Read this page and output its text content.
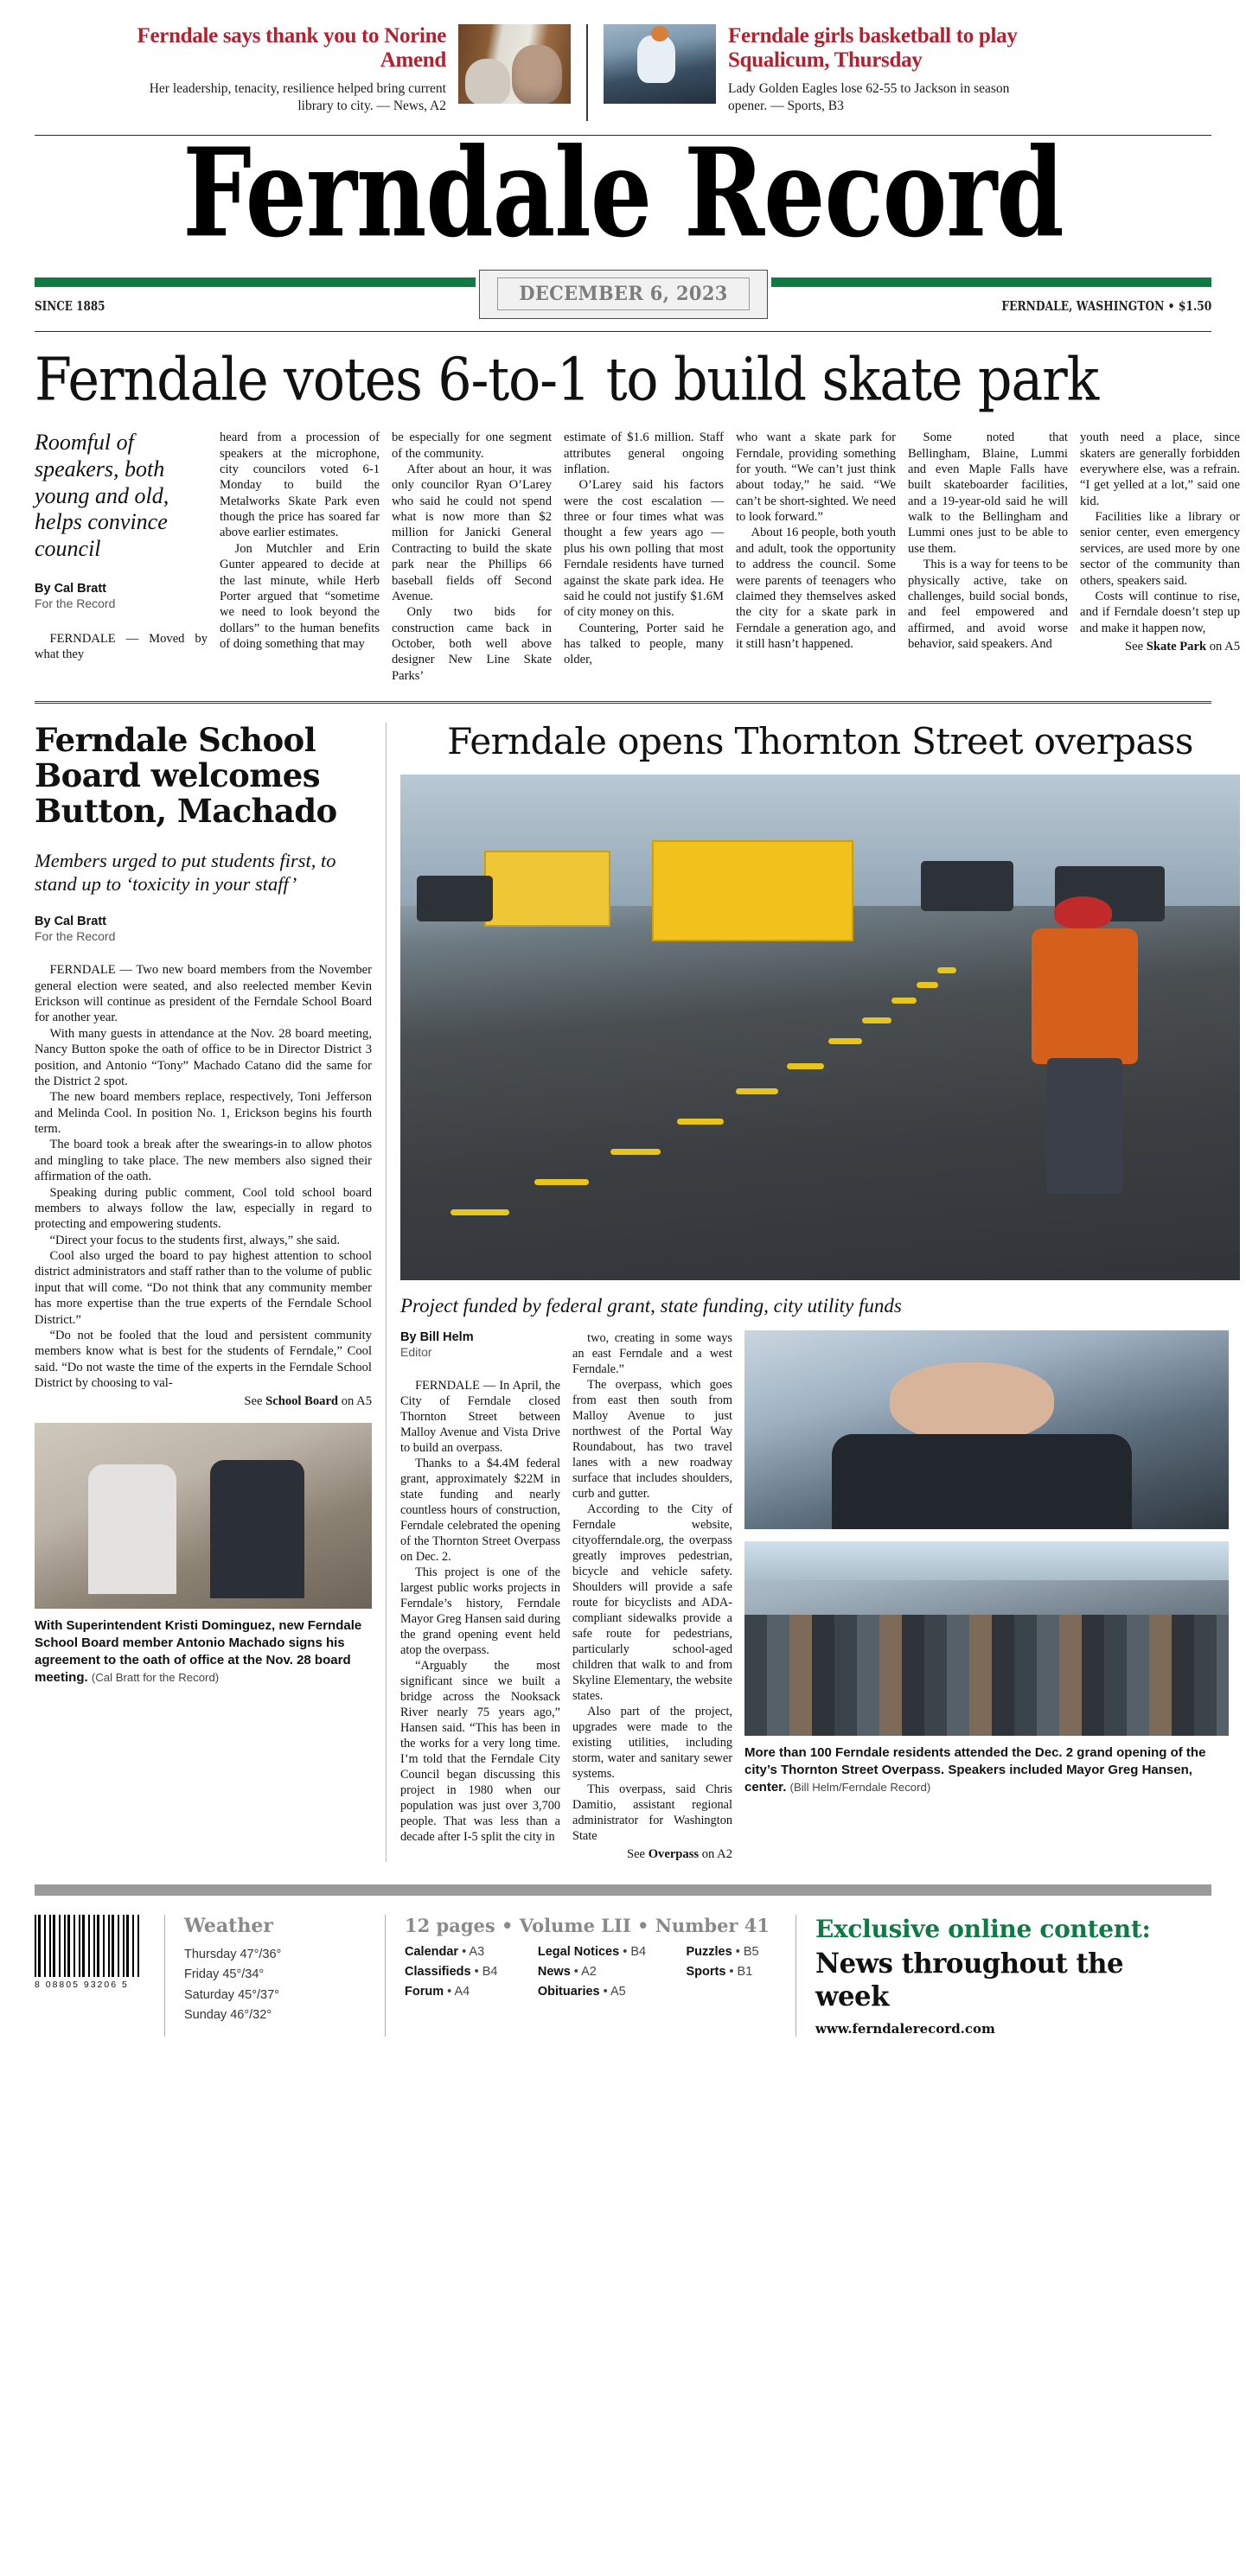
Ferndale says thank you to Norine Amend
Her leadership, tenacity, resilience helped bring current library to city. — News, A2
Ferndale girls basketball to play Squalicum, Thursday
Lady Golden Eagles lose 62-55 to Jackson in season opener. — Sports, B3
Ferndale Record
SINCE 1885
DECEMBER 6, 2023
FERNDALE, WASHINGTON • $1.50
Ferndale votes 6-to-1 to build skate park
Roomful of speakers, both young and old, helps convince council
By Cal Bratt
For the Record

FERNDALE — Moved by what they

heard from a procession of speakers at the microphone, city councilors voted 6-1 Monday to build the Metalworks Skate Park even though the price has soared far above earlier estimates.

Jon Mutchler and Erin Gunter appeared to decide at the last minute, while Herb Porter argued that “sometime we need to look beyond the dollars” to the human benefits of doing something that may

be especially for one segment of the community.

After about an hour, it was only councilor Ryan O’Larey who said he could not spend what is now more than $2 million for Janicki General Contracting to build the skate park near the Phillips 66 baseball fields off Second Avenue.

Only two bids for construction came back in October, both well above designer New Line Skate Parks’

estimate of $1.6 million. Staff attributes general ongoing inflation.

O’Larey said his factors were the cost escalation — three or four times what was thought a few years ago — plus his own polling that most Ferndale residents have turned against the skate park idea. He said he could not justify $1.6M of city money on this.

Countering, Porter said he has talked to people, many older,

who want a skate park for Ferndale, providing something for youth. “We can’t just think about today,” he said. “We can’t be short-sighted. We need to look forward.”

About 16 people, both youth and adult, took the opportunity to address the council. Some were parents of teenagers who claimed they themselves asked the city for a skate park in Ferndale a generation ago, and it still hasn’t happened.

Some noted that Bellingham, Blaine, Lummi and even Maple Falls have built skateboarder facilities, and a 19-year-old said he will walk to the Bellingham and Lummi ones just to be able to use them.

This is a way for teens to be physically active, take on challenges, build social bonds, and feel empowered and affirmed, and avoid worse behavior, said speakers. And

youth need a place, since skaters are generally forbidden everywhere else, was a refrain. “I get yelled at a lot,” said one kid.

Facilities like a library or senior center, even emergency services, are used more by one sector of the community than others, speakers said.

Costs will continue to rise, and if Ferndale doesn’t step up and make it happen now,

See Skate Park on A5
Ferndale School Board welcomes Button, Machado
Members urged to put students first, to stand up to ‘toxicity in your staff’
By Cal Bratt
For the Record

FERNDALE — Two new board members from the November general election were seated, and also reelected member Kevin Erickson will continue as president of the Ferndale School Board for another year.

With many guests in attendance at the Nov. 28 board meeting, Nancy Button spoke the oath of office to be in Director District 3 position, and Antonio “Tony” Machado Catano did the same for the District 2 spot.

The new board members replace, respectively, Toni Jefferson and Melinda Cool. In position No. 1, Erickson begins his fourth term.

The board took a break after the swearings-in to allow photos and mingling to take place. The new members also signed their affirmation of the oath.

Speaking during public comment, Cool told school board members to always follow the law, especially in regard to protecting and empowering students.

“Direct your focus to the students first, always,” she said.

Cool also urged the board to pay highest attention to school district administrators and staff rather than to the volume of public input that will come. “Do not think that any community member has more expertise than the true experts of the Ferndale School District.”

“Do not be fooled that the loud and persistent community members know what is best for the students of Ferndale,” Cool said. “Do not waste the time of the experts in the Ferndale School District by choosing to val-

See School Board on A5
With Superintendent Kristi Dominguez, new Ferndale School Board member Antonio Machado signs his agreement to the oath of office at the Nov. 28 board meeting. (Cal Bratt for the Record)
Ferndale opens Thornton Street overpass
Project funded by federal grant, state funding, city utility funds
By Bill Helm
Editor

FERNDALE — In April, the City of Ferndale closed Thornton Street between Malloy Avenue and Vista Drive to build an overpass.

Thanks to a $4.4M federal grant, approximately $22M in state funding and nearly countless hours of construction, Ferndale celebrated the opening of the Thornton Street Overpass on Dec. 2.

This project is one of the largest public works projects in Ferndale’s history, Ferndale Mayor Greg Hansen said during the grand opening event held atop the overpass.

“Arguably the most significant since we built a bridge across the Nooksack River nearly 75 years ago,” Hansen said. “This has been in the works for a very long time. I’m told that the Ferndale City Council began discussing this project in 1980 when our population was just over 3,700 people. That was less than a decade after I-5 split the city in

two, creating in some ways an east Ferndale and a west Ferndale.”

The overpass, which goes from east then south from Malloy Avenue to just northwest of the Portal Way Roundabout, has two travel lanes with a new roadway surface that includes shoulders, curb and gutter.

According to the City of Ferndale website, cityofferndale.org, the overpass greatly improves pedestrian, bicycle and vehicle safety. Shoulders will provide a safe route for bicyclists and ADA-compliant sidewalks provide a safe route for pedestrians, particularly school-aged children that walk to and from Skyline Elementary, the website states.

Also part of the project, upgrades were made to the existing utilities, including storm, water and sanitary sewer systems.

This overpass, said Chris Damitio, assistant regional administrator for Washington State

See Overpass on A2
More than 100 Ferndale residents attended the Dec. 2 grand opening of the city’s Thornton Street Overpass. Speakers included Mayor Greg Hansen, center. (Bill Helm/Ferndale Record)
8 08805 93206 5
Weather
Thursday 47°/36°
Friday 45°/34°
Saturday 45°/37°
Sunday 46°/32°
12 pages • Volume LII • Number 41
Calendar • A3	Legal Notices • B4	Puzzles • B5
Classifieds • B4	News • A2	Sports • B1
Forum • A4	Obituaries • A5
Exclusive online content:
News throughout the week
www.ferndalerecord.com
